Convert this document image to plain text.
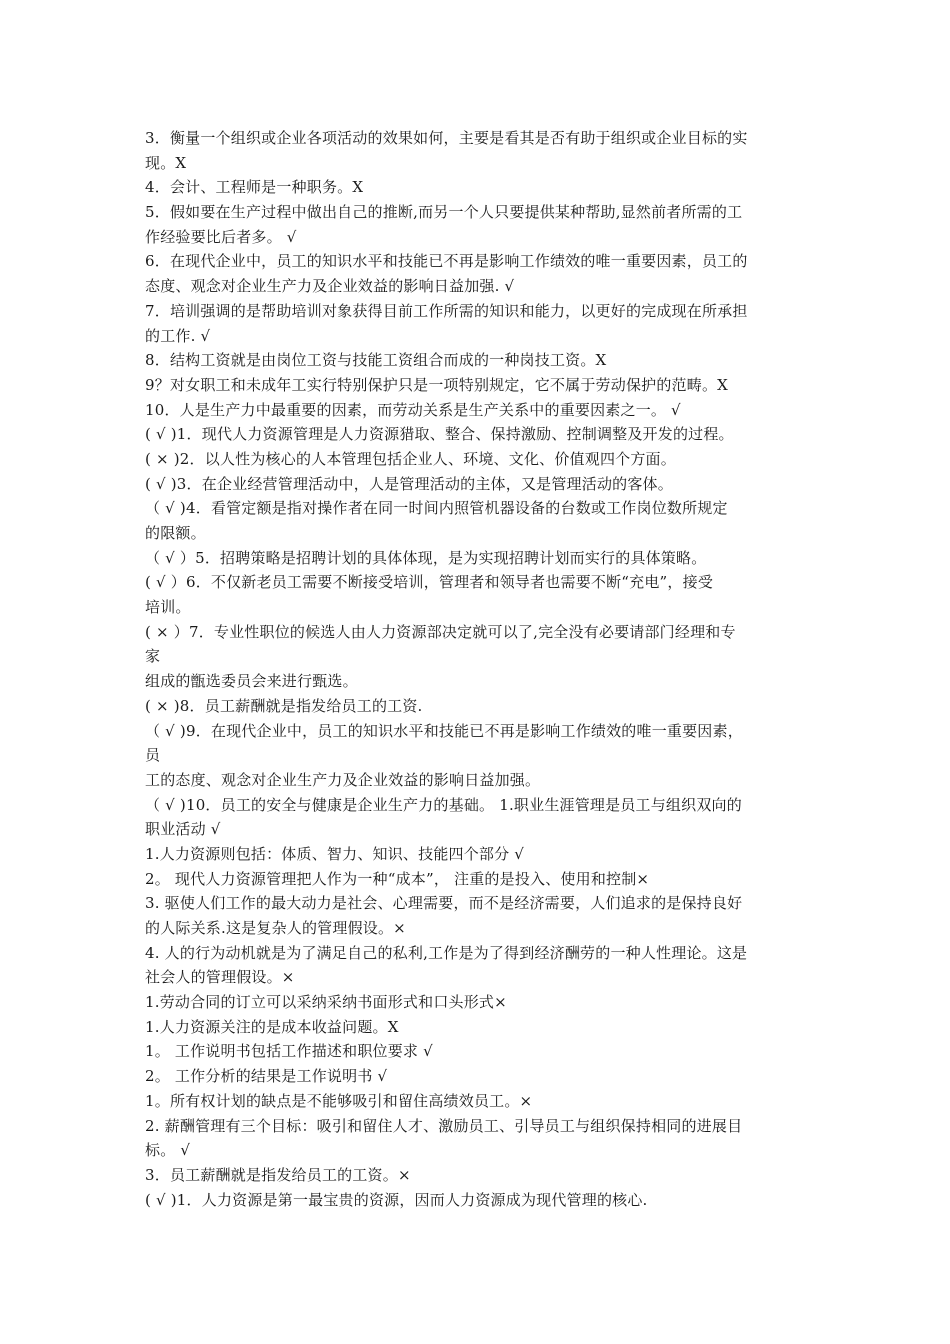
3．衡量一个组织或企业各项活动的效果如何，主要是看其是否有助于组织或企业目标的实
现。X
4．会计、工程师是一种职务。X
5．假如要在生产过程中做出自己的推断,而另一个人只要提供某种帮助,显然前者所需的工
作经验要比后者多。 √
6．在现代企业中，员工的知识水平和技能已不再是影响工作绩效的唯一重要因素，员工的
态度、观念对企业生产力及企业效益的影响日益加强. √
7．培训强调的是帮助培训对象获得目前工作所需的知识和能力，以更好的完成现在所承担
的工作. √
8．结构工资就是由岗位工资与技能工资组合而成的一种岗技工资。X
9？对女职工和未成年工实行特别保护只是一项特别规定，它不属于劳动保护的范畴。X
10．人是生产力中最重要的因素，而劳动关系是生产关系中的重要因素之一。 √
( √ )1．现代人力资源管理是人力资源猎取、整合、保持激励、控制调整及开发的过程。
( × )2．以人性为核心的人本管理包括企业人、环境、文化、价值观四个方面。
( √ )3．在企业经营管理活动中，人是管理活动的主体，又是管理活动的客体。
（ √ )4．看管定额是指对操作者在同一时间内照管机器设备的台数或工作岗位数所规定
的限额。
（ √ ）5．招聘策略是招聘计划的具体体现，是为实现招聘计划而实行的具体策略。
( √ ）6．不仅新老员工需要不断接受培训，管理者和领导者也需要不断“充电”，接受
培训。
( × ）7．专业性职位的候选人由人力资源部决定就可以了,完全没有必要请部门经理和专
家
组成的甑选委员会来进行甄选。
( × )8．员工薪酬就是指发给员工的工资.
（ √ )9．在现代企业中，员工的知识水平和技能已不再是影响工作绩效的唯一重要因素，
员
工的态度、观念对企业生产力及企业效益的影响日益加强。
（ √ )10．员工的安全与健康是企业生产力的基础。 1.职业生涯管理是员工与组织双向的
职业活动 √
1.人力资源则包括：体质、智力、知识、技能四个部分 √
2。 现代人力资源管理把人作为一种“成本”， 注重的是投入、使用和控制×
3. 驱使人们工作的最大动力是社会、心理需要，而不是经济需要，人们追求的是保持良好
的人际关系.这是复杂人的管理假设。×
4. 人的行为动机就是为了满足自己的私利,工作是为了得到经济酬劳的一种人性理论。这是
社会人的管理假设。×
1.劳动合同的订立可以采纳采纳书面形式和口头形式×
1.人力资源关注的是成本收益问题。X
1。 工作说明书包括工作描述和职位要求 √
2。 工作分析的结果是工作说明书 √
1。所有权计划的缺点是不能够吸引和留住高绩效员工。×
2. 薪酬管理有三个目标：吸引和留住人才、激励员工、引导员工与组织保持相同的进展目
标。 √
3．员工薪酬就是指发给员工的工资。×
( √ )1．人力资源是第一最宝贵的资源，因而人力资源成为现代管理的核心.
